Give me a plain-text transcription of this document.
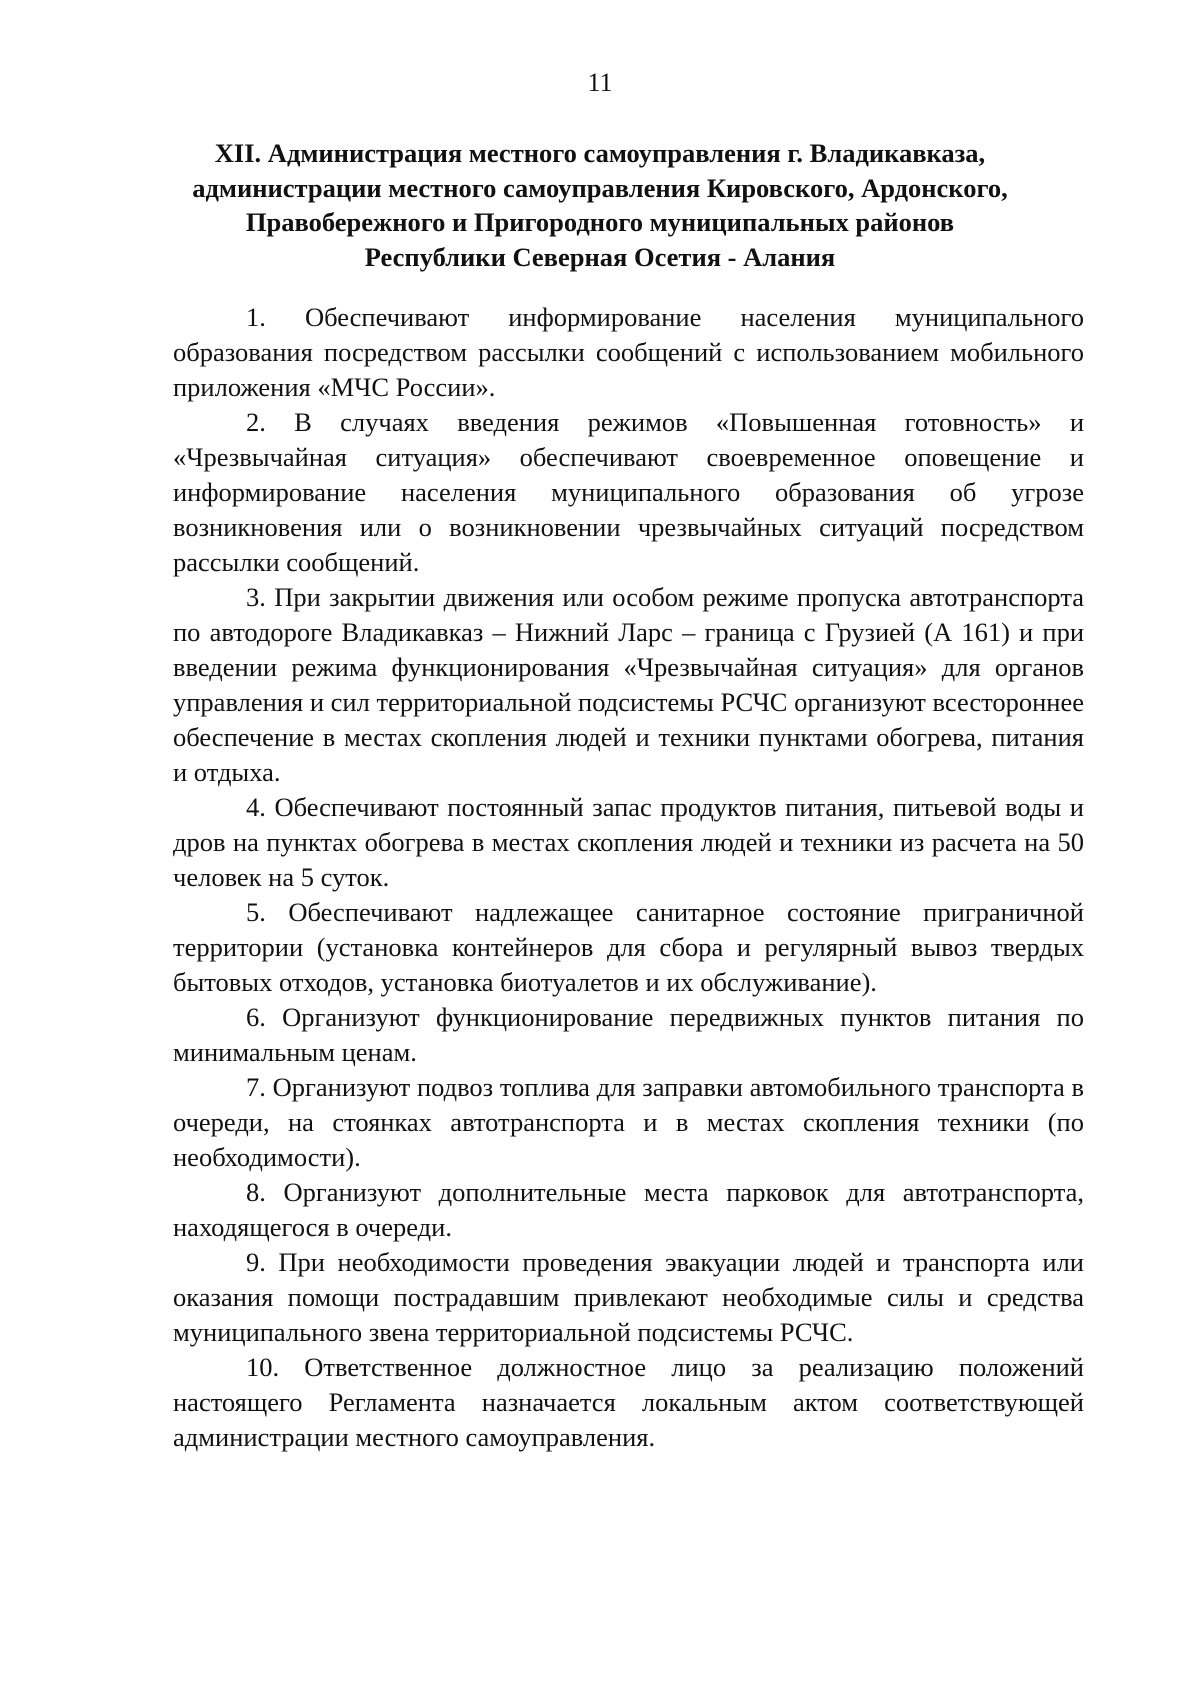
11
XII. Администрация местного самоуправления г. Владикавказа,
администрации местного самоуправления Кировского, Ардонского,
Правобережного и Пригородного муниципальных районов
Республики Северная Осетия - Алания

1. Обеспечивают информирование населения муниципального образования посредством рассылки сообщений с использованием мобильного приложения «МЧС России».

2. В случаях введения режимов «Повышенная готовность» и «Чрезвычайная ситуация» обеспечивают своевременное оповещение и информирование населения муниципального образования об угрозе возникновения или о возникновении чрезвычайных ситуаций посредством рассылки сообщений.

3. При закрытии движения или особом режиме пропуска автотранспорта по автодороге Владикавказ – Нижний Ларс – граница с Грузией (А 161) и при введении режима функционирования «Чрезвычайная ситуация» для органов управления и сил территориальной подсистемы РСЧС организуют всестороннее обеспечение в местах скопления людей и техники пунктами обогрева, питания и отдыха.

4. Обеспечивают постоянный запас продуктов питания, питьевой воды и дров на пунктах обогрева в местах скопления людей и техники из расчета на 50 человек на 5 суток.

5. Обеспечивают надлежащее санитарное состояние приграничной территории (установка контейнеров для сбора и регулярный вывоз твердых бытовых отходов, установка биотуалетов и их обслуживание).

6. Организуют функционирование передвижных пунктов питания по минимальным ценам.

7. Организуют подвоз топлива для заправки автомобильного транспорта в очереди, на стоянках автотранспорта и в местах скопления техники (по необходимости).

8. Организуют дополнительные места парковок для автотранспорта, находящегося в очереди.

9. При необходимости проведения эвакуации людей и транспорта или оказания помощи пострадавшим привлекают необходимые силы и средства муниципального звена территориальной подсистемы РСЧС.

10. Ответственное должностное лицо за реализацию положений настоящего Регламента назначается локальным актом соответствующей администрации местного самоуправления.
